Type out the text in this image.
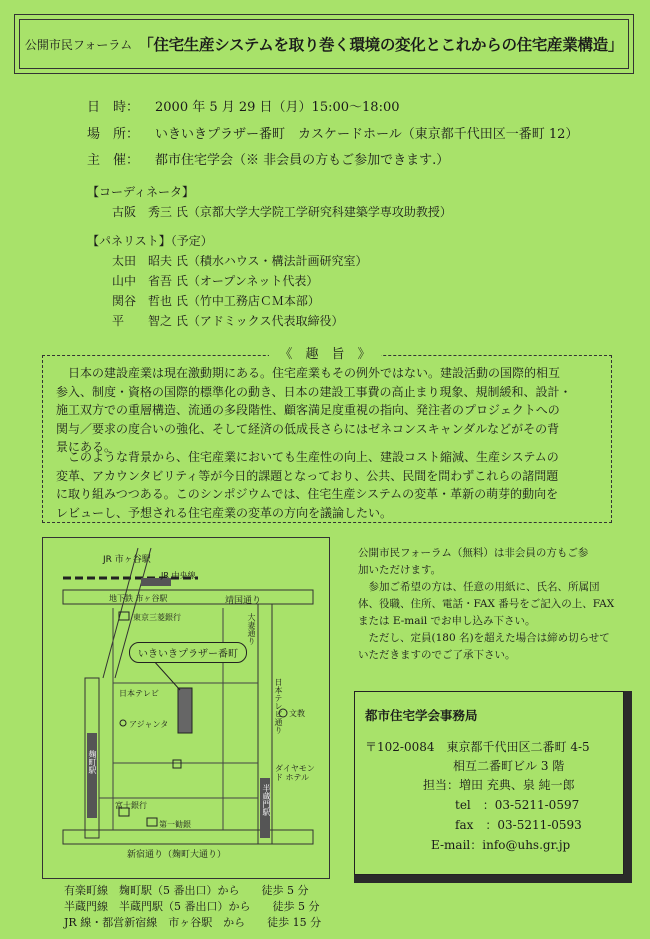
公開市民フォーラム 「住宅生産システムを取り巻く環境の変化とこれからの住宅産業構造」
日　時： 2000 年 5 月 29 日（月）15:00〜18:00
場　所： いきいきプラザー番町　カスケードホール（東京都千代田区一番町 12）
主　催： 都市住宅学会（※ 非会員の方もご参加できます.）
【コーディネータ】
古阪　秀三 氏（京都大学大学院工学研究科建築学専攻助教授）
【パネリスト】（予定）
太田　昭夫 氏（積水ハウス・構法計画研究室）
山中　省吾 氏（オープンネット代表）
関谷　哲也 氏（竹中工務店ＣＭ本部）
平　　智之 氏（アドミックス代表取締役）
《　趣　旨　》
日本の建設産業は現在激動期にある。住宅産業もその例外ではない。建設活動の国際的相互
参入、制度・資格の国際的標準化の動き、日本の建設工事費の高止まり現象、規制緩和、設計・
施工双方での重層構造、流通の多段階性、顧客満足度重視の指向、発注者のプロジェクトへの
関与／要求の度合いの強化、そして経済の低成長さらにはゼネコンスキャンダルなどがその背
景にある。
このような背景から、住宅産業においても生産性の向上、建設コスト縮減、生産システムの
変革、アカウンタビリティ等が今日的課題となっており、公共、民間を問わずこれらの諸問題
に取り組みつつある。このシンポジウムでは、住宅生産システムの変革・革新の萌芽的動向を
レビューし、予想される住宅産業の変革の方向を議論したい。
JR 市ヶ谷駅
JR 中央線
地下鉄 市ヶ谷駅	靖国通り
東京三菱銀行
いきいきプラザー番町
日本テレビ
アジャンタ
文教
ダイヤモンド ホテル
富士銀行
第一勧銀
新宿通り（麹町大通り）
大妻通り
麹町駅
半蔵門駅
日本テレビ通り
有楽町線　麹町駅（5 番出口）から　　徒歩 5 分
半蔵門線　半蔵門駅（5 番出口）から　　徒歩 5 分
JR 線・都営新宿線　市ヶ谷駅　から　　徒歩 15 分
公開市民フォーラム（無料）は非会員の方もご参
加いただけます。
　参加ご希望の方は、任意の用紙に、氏名、所属団
体、役職、住所、電話・FAX 番号をご記入の上、FAX
または E-mail でお申し込み下さい。
　ただし、定員(180 名)を超えた場合は締め切らせて
いただきますのでご了承下さい。
都市住宅学会事務局
〒102-0084　東京都千代田区二番町 4-5
相互二番町ビル 3 階
担当：増田 充典、泉 純一郎
tel　：03-5211-0597
fax　：03-5211-0593
E-mail：info@uhs.gr.jp
